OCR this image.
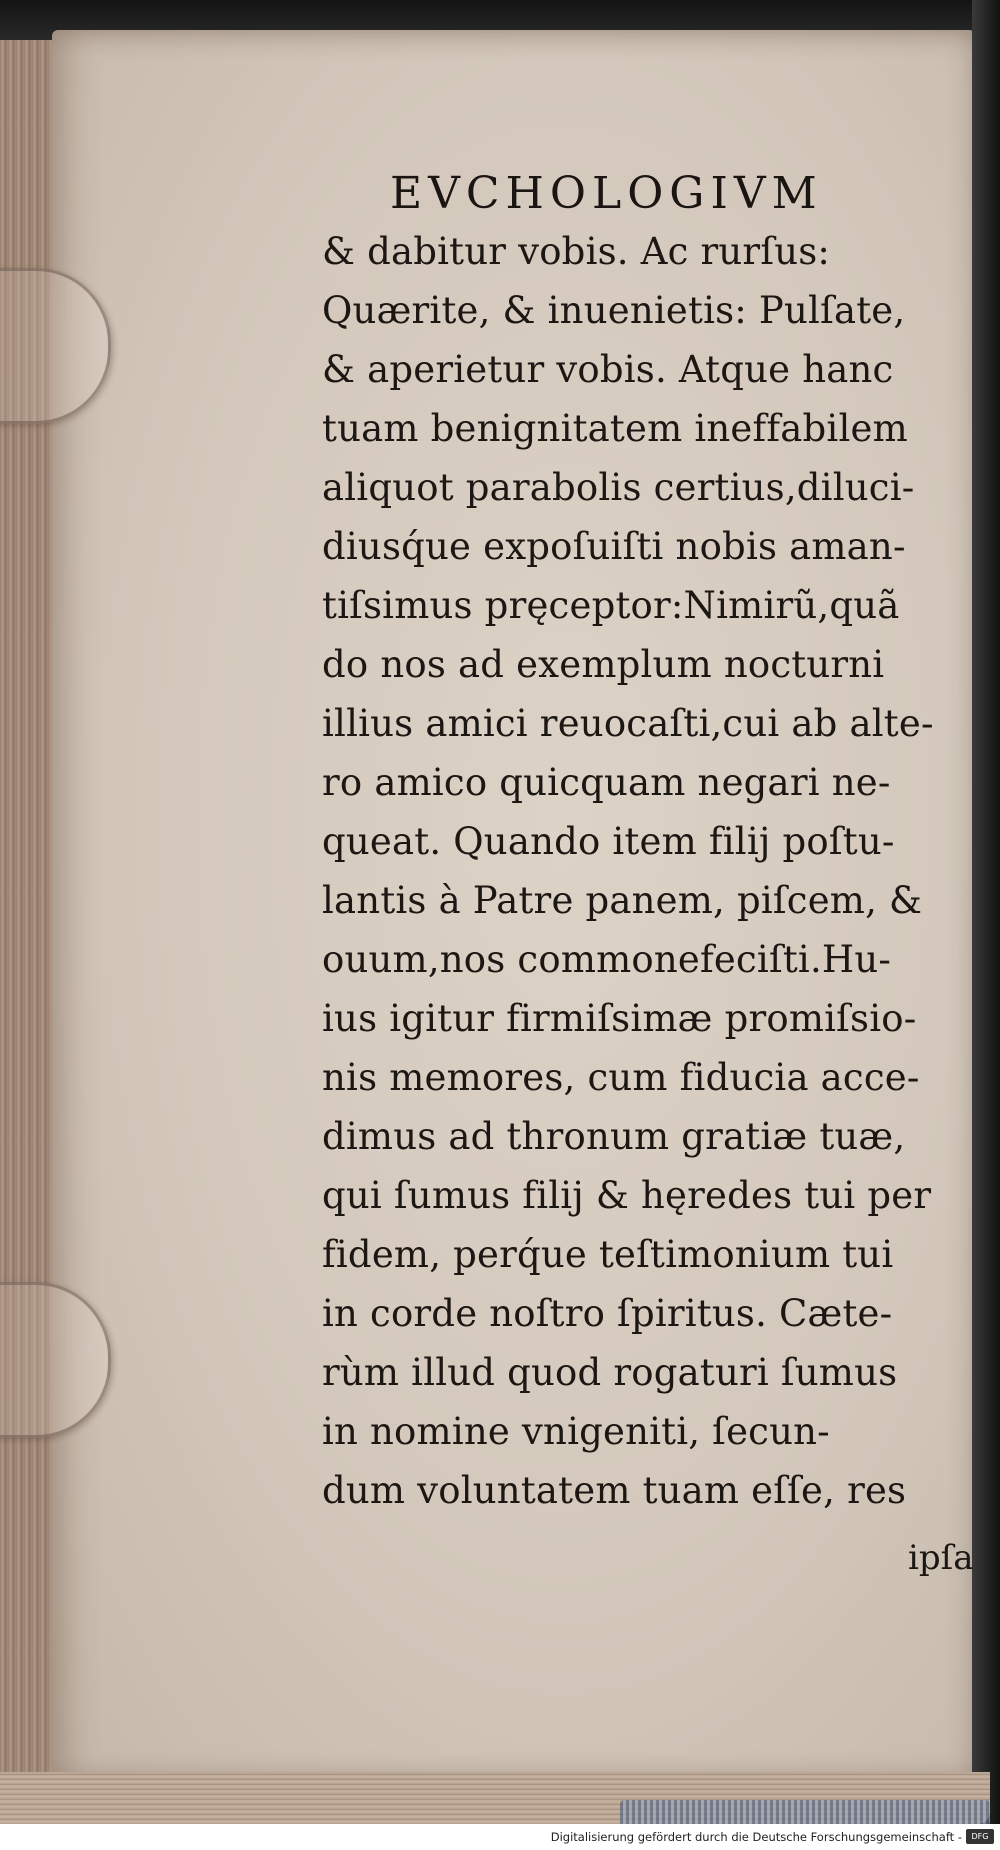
EVCHOLOGIVM
& dabitur vobis. Ac rurſus:
Quærite, & inuenietis: Pulſate,
& aperietur vobis. Atque hanc
tuam benignitatem ineffabilem
aliquot parabolis certius,diluci-
diusq́ue expoſuiſti nobis aman-
tiſsimus pręceptor:Nimirũ,quã
do nos ad exemplum nocturni
illius amici reuocaſti,cui ab alte-
ro amico quicquam negari ne-
queat. Quando item filij poſtu-
lantis à Patre panem, piſcem, &
ouum,nos commonefeciſti.Hu-
ius igitur firmiſsimæ promiſsio-
nis memores, cum fiducia acce-
dimus ad thronum gratiæ tuæ,
qui ſumus filij & hęredes tui per
fidem, perq́ue teſtimonium tui
in corde noſtro ſpiritus. Cæte-
rùm illud quod rogaturi ſumus
in nomine vnigeniti, ſecun-
dum voluntatem tuam eſſe, res
ipſa
Digitalisierung gefördert durch die Deutsche Forschungsgemeinschaft -	DFG
